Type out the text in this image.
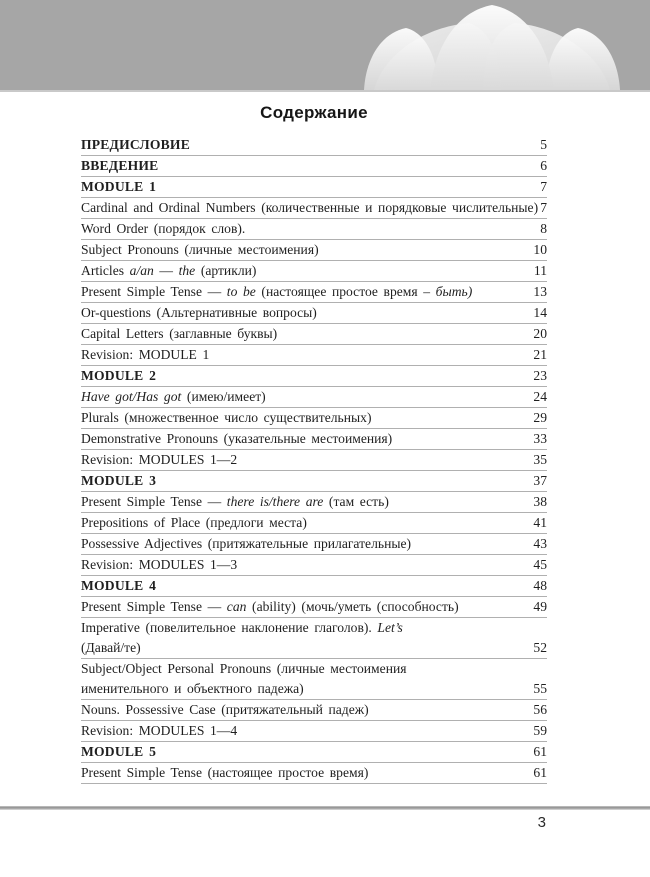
Содержание
ПРЕДИСЛОВИЕ	5
ВВЕДЕНИЕ	6
MODULE 1	7
Cardinal and Ordinal Numbers (количественные и порядковые числительные) 7
Word Order (порядок слов).	8
Subject Pronouns (личные местоимения)	10
Articles a/an — the (артикли)	11
Present Simple Tense — to be (настоящее простое время – быть)	13
Or-questions (Альтернативные вопросы)	14
Capital Letters (заглавные буквы)	20
Revision: MODULE 1	21
MODULE 2	23
Have got/Has got (имею/имеет)	24
Plurals (множественное число существительных)	29
Demonstrative Pronouns (указательные местоимения)	33
Revision: MODULES 1—2	35
MODULE 3	37
Present Simple Tense — there is/there are (там есть)	38
Prepositions of Place (предлоги места)	41
Possessive Adjectives (притяжательные прилагательные)	43
Revision: MODULES 1—3	45
MODULE 4	48
Present Simple Tense — can (ability) (мочь/уметь (способность)	49
Imperative (повелительное наклонение глаголов). Let’s
(Давай/те)	52
Subject/Object Personal Pronouns (личные местоимения
именительного и объектного падежа)	55
Nouns. Possessive Case (притяжательный падеж)	56
Revision: MODULES 1—4	59
MODULE 5	61
Present Simple Tense (настоящее простое время)	61
3
